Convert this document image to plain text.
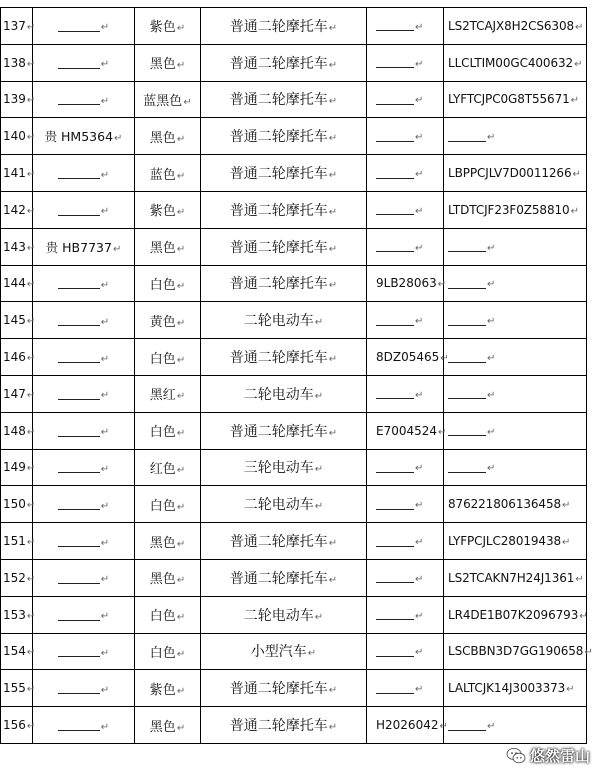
137↵	↵	紫色↵	普通二轮摩托车↵	↵	LS2TCAJX8H2CS6308↵
138↵	↵	黑色↵	普通二轮摩托车↵	↵	LLCLTIM00GC400632↵
139↵	↵	蓝黑色↵	普通二轮摩托车↵	↵	LYFTCJPC0G8T55671↵
140↵	贵 HM5364↵	黑色↵	普通二轮摩托车↵	↵	↵
141↵	↵	蓝色↵	普通二轮摩托车↵	↵	LBPPCJLV7D0011266↵
142↵	↵	紫色↵	普通二轮摩托车↵	↵	LTDTCJF23F0Z58810↵
143↵	贵 HB7737↵	黑色↵	普通二轮摩托车↵	↵	↵
144↵	↵	白色↵	普通二轮摩托车↵	9LB28063↵	↵
145↵	↵	黄色↵	二轮电动车↵	↵	↵
146↵	↵	白色↵	普通二轮摩托车↵	8DZ05465↵	↵
147↵	↵	黑红↵	二轮电动车↵	↵	↵
148↵	↵	白色↵	普通二轮摩托车↵	E7004524↵	↵
149↵	↵	红色↵	三轮电动车↵	↵	↵
150↵	↵	白色↵	二轮电动车↵	↵	876221806136458↵
151↵	↵	黑色↵	普通二轮摩托车↵	↵	LYFPCJLC28019438↵
152↵	↵	黑色↵	普通二轮摩托车↵	↵	LS2TCAKN7H24J1361↵
153↵	↵	白色↵	二轮电动车↵	↵	LR4DE1B07K2096793↵
154↵	↵	白色↵	小型汽车↵	↵	LSCBBN3D7GG190658↵
155↵	↵	紫色↵	普通二轮摩托车↵	↵	LALTCJK14J3003373↵
156↵	↵	黑色↵	普通二轮摩托车↵	H2026042↵	↵
悠然雷山
